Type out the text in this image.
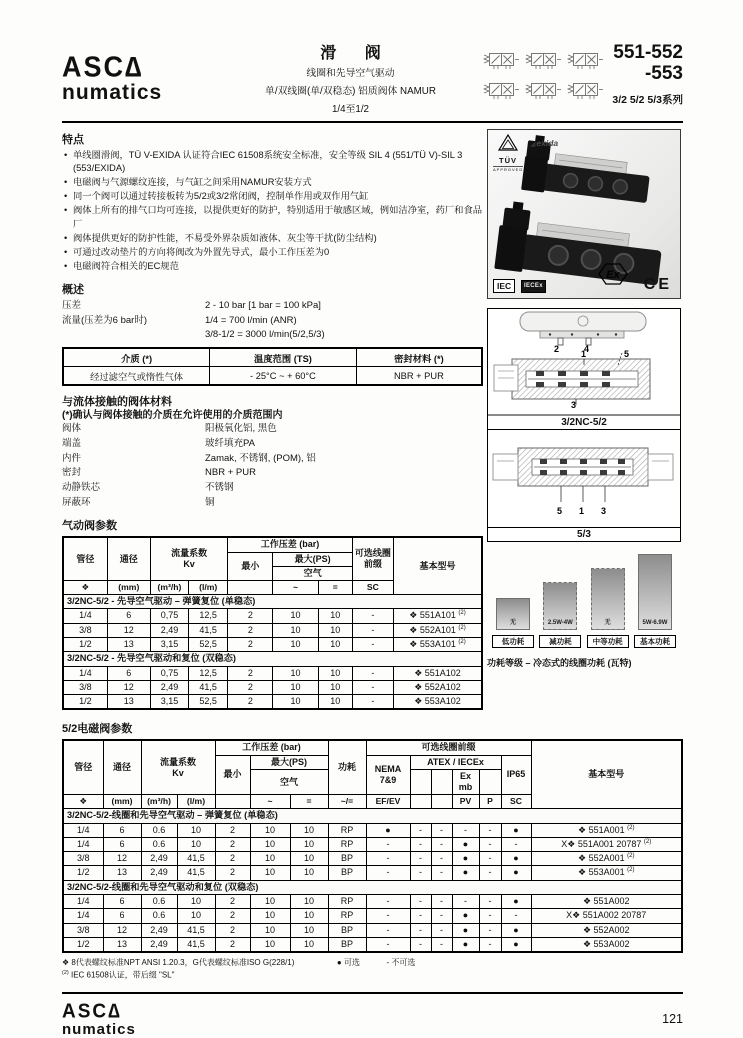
ASC∆
numatics
滑 阀
线圈和先导空气驱动
单/双线圈(单/双稳态) 铝质阀体 NAMUR
1/4至1/2
551-552
-553
3/2 5/2 5/3系列
特点
• 单线圈滑阀，TÜ V-EXIDA 认证符合IEC 61508系统安全标准，安全等级 SIL 4 (551/TÜ V)-SIL 3 (553/EXIDA)
• 电磁阀与气源螺纹连接，与气缸之间采用NAMUR安装方式
• 同一个阀可以通过转接板转为5/2或3/2常闭阀，控制单作用或双作用气缸
• 阀体上所有的排气口均可连接，以提供更好的防护，特别适用于敏感区域，例如洁净室，药厂和食品厂
• 阀体提供更好的防护性能，不易受外界杂质如液体、灰尘等干扰(防尘结构)
• 可通过改动垫片的方向将阀改为外置先导式，最小工作压差为0
• 电磁阀符合相关的EC规范
概述
压差	2 - 10 bar [1 bar = 100 kPa]
流量(压差为6 bar时)	1/4 = 700 l/min (ANR)
3/8-1/2 = 3000 l/min(5/2,5/3)
介质 (*)	温度范围 (TS)	密封材料 (*)
经过滤空气或惰性气体	- 25°C ~ + 60°C	NBR + PUR
与流体接触的阀体材料
(*)确认与阀体接触的介质在允许使用的介质范围内
阀体	阳极氧化铝, 黑色
端盖	玻纤填充PA
内件	Zamak, 不锈钢, (POM), 铝
密封	NBR + PUR
动静铁芯	不锈钢
屏蔽环	铜
气动阀参数
管径	通径	流量系数
Kv		工作压差 (bar)			可选线圈前缀	基本型号
				最小	最大(PS)			
					空气			
❖	(mm)	(m³/h)	(l/m)		~	=	SC	
3/2NC-5/2 - 先导空气驱动 – 弹簧复位 (单稳态)								
1/4	6	0,75	12,5	2	10	10	-	❖ 551A101 $^{(2)}$
3/8	12	2,49	41,5	2	10	10	-	❖ 552A101 $^{(2)}$
1/2	13	3,15	52,5	2	10	10	-	❖ 553A101 $^{(2)}$
3/2NC-5/2 - 先导空气驱动和复位 (双稳态)								
1/4	6	0,75	12,5	2	10	10	-	❖ 551A102
3/8	12	2,49	41,5	2	10	10	-	❖ 552A102
1/2	13	3,15	52,5	2	10	10	-	❖ 553A102
TÜV
APPROVED
◢ exida
IEC	IECEx
Ex
CE
2	4
1	5
3
3/2NC-5/2
5 1 3
5/3
无
低功耗
2.5W-4W
减功耗
无
中等功耗
5W-6.9W
基本功耗
功耗等级 – 冷态式的线圈功耗 (瓦特)
5/2电磁阀参数
管径	通径	流量系数
Kv		工作压差 (bar)			功耗	可选线圈前缀						基本型号
				最小	最大(PS)			NEMA
7&9	ATEX / IECEx				IP65	
					空气						Ex mb			
❖	(mm)	(m³/h)	(l/m)		~	=	~/=	EF/EV			PV	P	SC	
3/2NC-5/2-线圈和先导空气驱动 – 弹簧复位 (单稳态)														
1/4	6	0.6	10	2	10	10	RP	●	-	-	-	-	●	❖ 551A001 $^{(2)}$
1/4	6	0.6	10	2	10	10	RP	-	-	-	●	-	-	X❖ 551A001 20787 $^{(2)}$
3/8	12	2,49	41,5	2	10	10	BP	-	-	-	●	-	●	❖ 552A001 $^{(2)}$
1/2	13	2,49	41,5	2	10	10	BP	-	-	-	●	-	●	❖ 553A001 $^{(2)}$
3/2NC-5/2-线圈和先导空气驱动和复位 (双稳态)														
1/4	6	0.6	10	2	10	10	RP	-	-	-	-	-	●	❖ 551A002
1/4	6	0.6	10	2	10	10	RP	-	-	-	●	-	-	X❖ 551A002 20787
3/8	12	2,49	41,5	2	10	10	BP	-	-	-	●	-	●	❖ 552A002
1/2	13	2,49	41,5	2	10	10	BP	-	-	-	●	-	●	❖ 553A002
❖ 8代表螺纹标准NPT ANSI 1.20.3，G代表螺纹标准ISO G(228/1)	● 可选	- 不可选
$^{(2)}$ IEC 61508认证，带后缀 "SL"
ASC∆
numatics
121
